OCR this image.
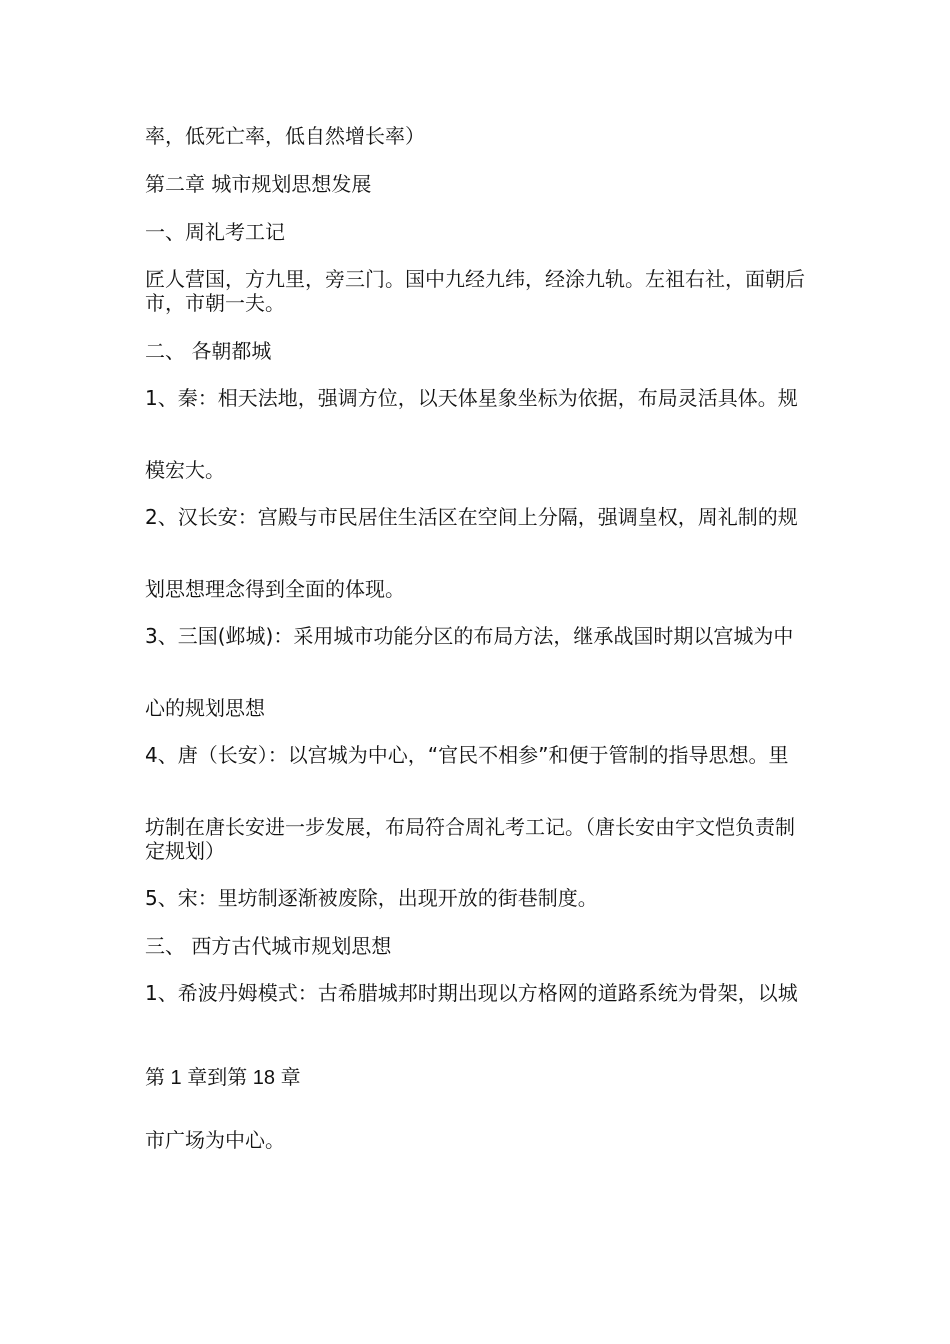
率，低死亡率，低自然增长率）

第二章 城市规划思想发展

一、周礼考工记

匠人营国，方九里，旁三门。国中九经九纬，经涂九轨。左祖右社，面朝后市，市朝一夫。

二、 各朝都城

1、秦：相天法地，强调方位，以天体星象坐标为依据，布局灵活具体。规

模宏大。

2、汉长安：宫殿与市民居住生活区在空间上分隔，强调皇权，周礼制的规

划思想理念得到全面的体现。

3、三国(邺城)：采用城市功能分区的布局方法，继承战国时期以宫城为中

心的规划思想

4、唐（长安）：以宫城为中心，“官民不相参”和便于管制的指导思想。里

坊制在唐长安进一步发展，布局符合周礼考工记。（唐长安由宇文恺负责制定规划）

5、宋：里坊制逐渐被废除，出现开放的街巷制度。

三、 西方古代城市规划思想

1、希波丹姆模式：古希腊城邦时期出现以方格网的道路系统为骨架，以城

第 1 章到第 18 章

市广场为中心。
